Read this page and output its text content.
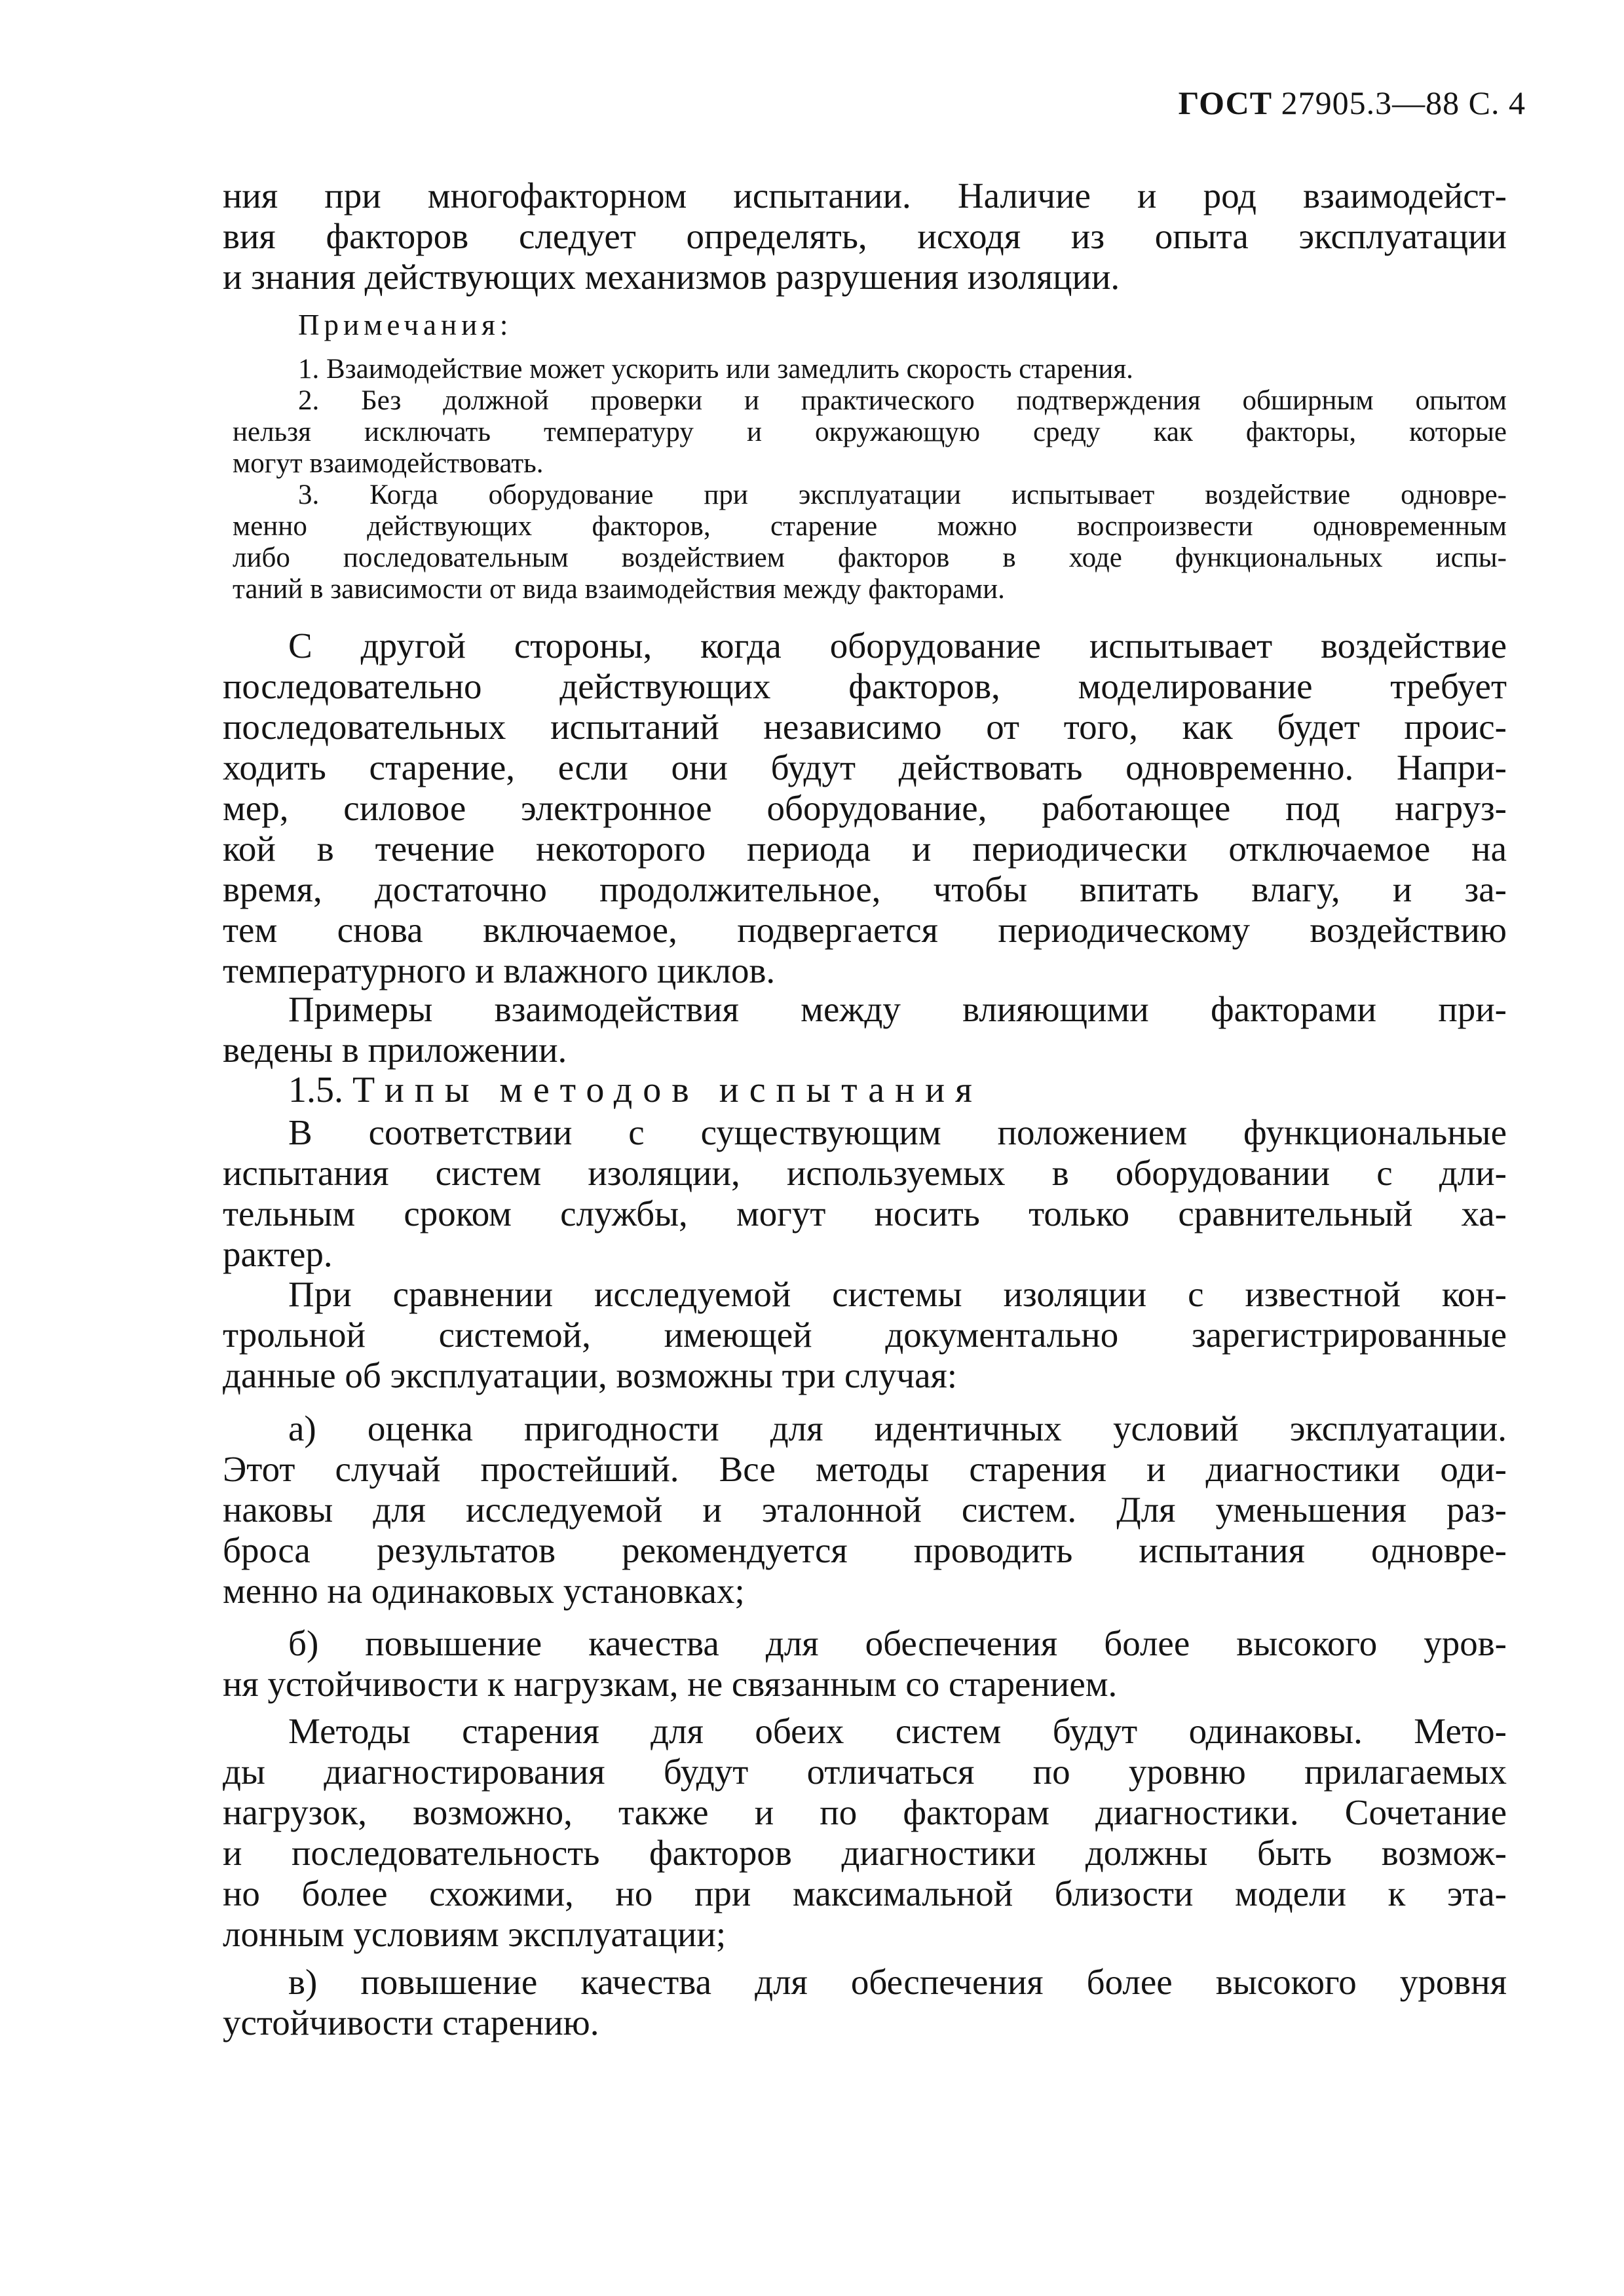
ГОСТ 27905.3—88 С. 4
ния при многофакторном испытании. Наличие и род взаимодейст-
вия факторов следует определять, исходя из опыта эксплуатации
и знания действующих механизмов разрушения изоляции.
Примечания:
1. Взаимодействие может ускорить или замедлить скорость старения.
2. Без должной проверки и практического подтверждения обширным опытом
нельзя исключать температуру и окружающую среду как факторы, которые
могут взаимодействовать.
3. Когда оборудование при эксплуатации испытывает воздействие одновре-
менно действующих факторов, старение можно воспроизвести одновременным
либо последовательным воздействием факторов в ходе функциональных испы-
таний в зависимости от вида взаимодействия между факторами.
С другой стороны, когда оборудование испытывает воздействие
последовательно действующих факторов, моделирование требует
последовательных испытаний независимо от того, как будет проис-
ходить старение, если они будут действовать одновременно. Напри-
мер, силовое электронное оборудование, работающее под нагруз-
кой в течение некоторого периода и периодически отключаемое на
время, достаточно продолжительное, чтобы впитать влагу, и за-
тем снова включаемое, подвергается периодическому воздействию
температурного и влажного циклов.
Примеры взаимодействия между влияющими факторами при-
ведены в приложении.
1.5. Типы методов испытания
В соответствии с существующим положением функциональные
испытания систем изоляции, используемых в оборудовании с дли-
тельным сроком службы, могут носить только сравнительный ха-
рактер.
При сравнении исследуемой системы изоляции с известной кон-
трольной системой, имеющей документально зарегистрированные
данные об эксплуатации, возможны три случая:
а) оценка пригодности для идентичных условий эксплуатации.
Этот случай простейший. Все методы старения и диагностики оди-
наковы для исследуемой и эталонной систем. Для уменьшения раз-
броса результатов рекомендуется проводить испытания одновре-
менно на одинаковых установках;
б) повышение качества для обеспечения более высокого уров-
ня устойчивости к нагрузкам, не связанным со старением.
Методы старения для обеих систем будут одинаковы. Мето-
ды диагностирования будут отличаться по уровню прилагаемых
нагрузок, возможно, также и по факторам диагностики. Сочетание
и последовательность факторов диагностики должны быть возмож-
но более схожими, но при максимальной близости модели к эта-
лонным условиям эксплуатации;
в) повышение качества для обеспечения более высокого уровня
устойчивости старению.
